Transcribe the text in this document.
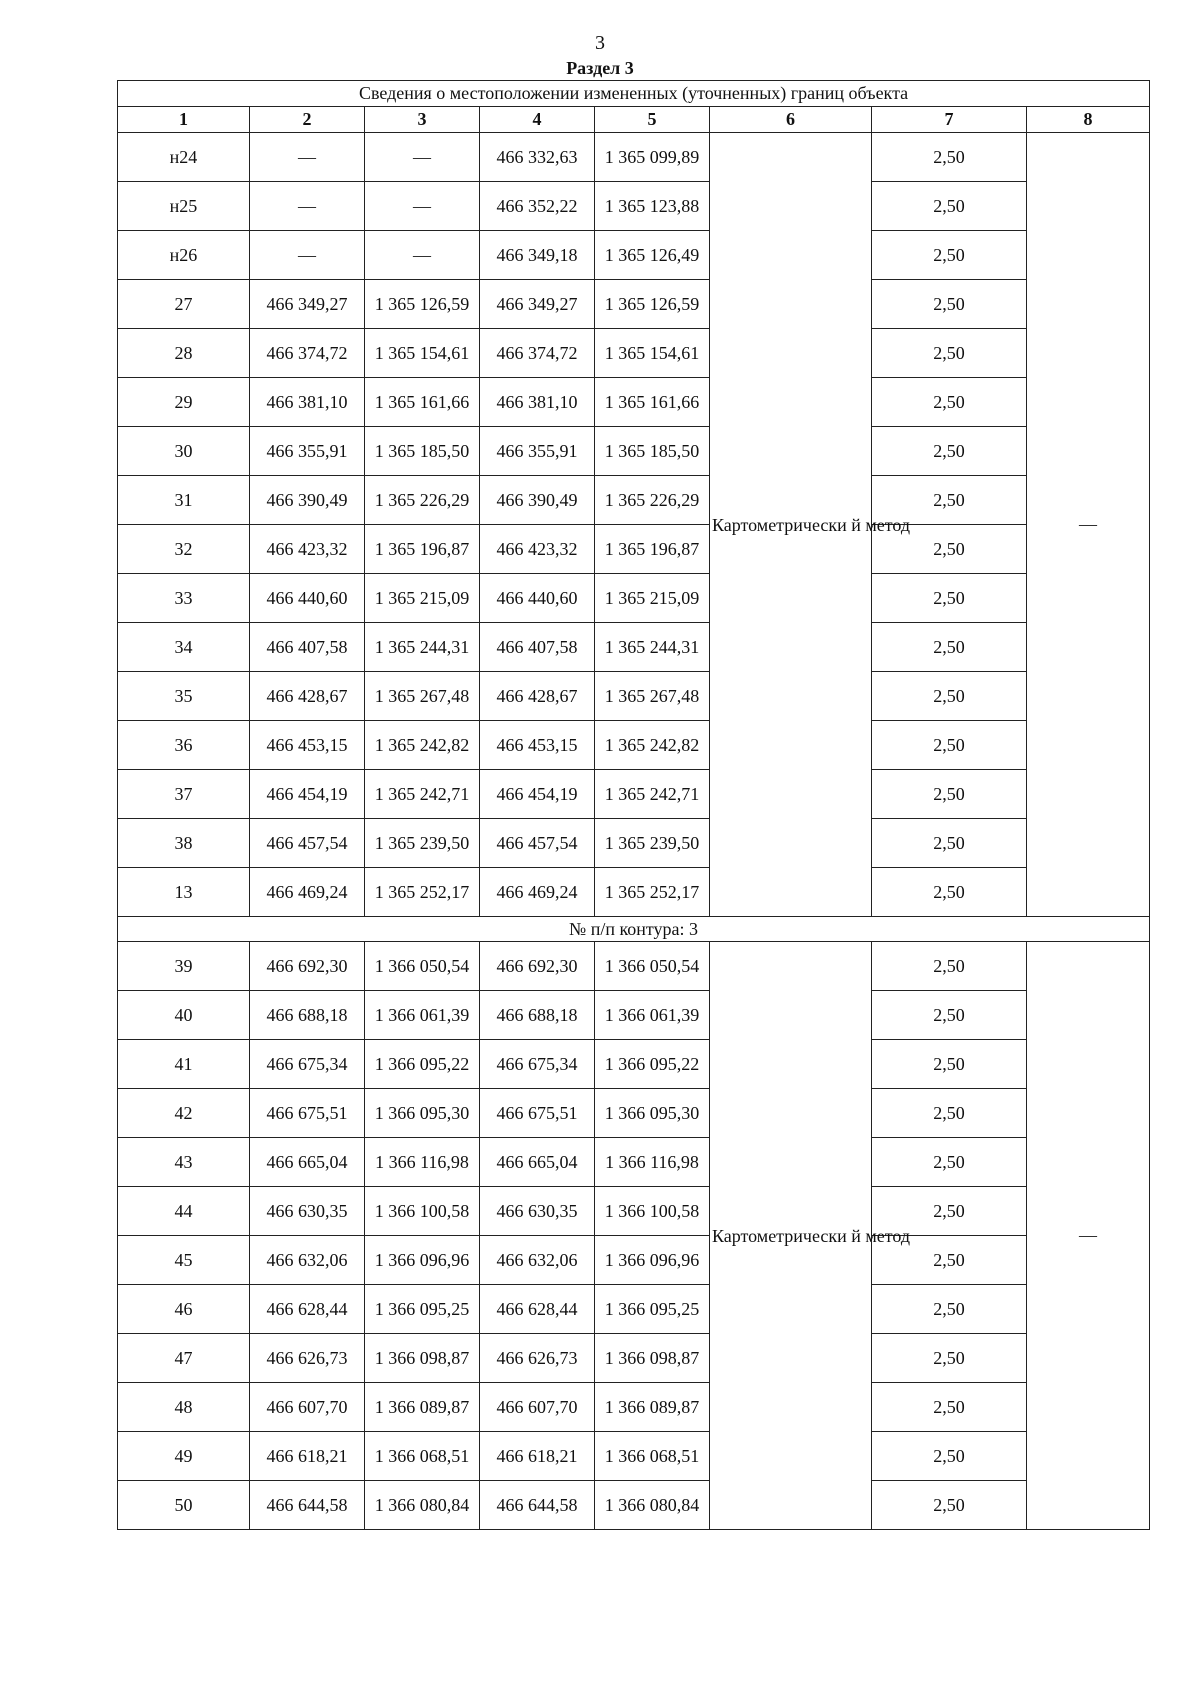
3
Раздел 3
Сведения о местоположении измененных (уточненных) границ объекта							
1	2	3	4	5	6	7	8
н24	—	—	466 332,63	1 365 099,89	Картометрически й метод	2,50	—
н25	—	—	466 352,22	1 365 123,88		2,50	
н26	—	—	466 349,18	1 365 126,49		2,50	
27	466 349,27	1 365 126,59	466 349,27	1 365 126,59		2,50	
28	466 374,72	1 365 154,61	466 374,72	1 365 154,61		2,50	
29	466 381,10	1 365 161,66	466 381,10	1 365 161,66		2,50	
30	466 355,91	1 365 185,50	466 355,91	1 365 185,50		2,50	
31	466 390,49	1 365 226,29	466 390,49	1 365 226,29		2,50	
32	466 423,32	1 365 196,87	466 423,32	1 365 196,87		2,50	
33	466 440,60	1 365 215,09	466 440,60	1 365 215,09		2,50	
34	466 407,58	1 365 244,31	466 407,58	1 365 244,31		2,50	
35	466 428,67	1 365 267,48	466 428,67	1 365 267,48		2,50	
36	466 453,15	1 365 242,82	466 453,15	1 365 242,82		2,50	
37	466 454,19	1 365 242,71	466 454,19	1 365 242,71		2,50	
38	466 457,54	1 365 239,50	466 457,54	1 365 239,50		2,50	
13	466 469,24	1 365 252,17	466 469,24	1 365 252,17		2,50	
№ п/п контура: 3							
39	466 692,30	1 366 050,54	466 692,30	1 366 050,54	Картометрически й метод	2,50	—
40	466 688,18	1 366 061,39	466 688,18	1 366 061,39		2,50	
41	466 675,34	1 366 095,22	466 675,34	1 366 095,22		2,50	
42	466 675,51	1 366 095,30	466 675,51	1 366 095,30		2,50	
43	466 665,04	1 366 116,98	466 665,04	1 366 116,98		2,50	
44	466 630,35	1 366 100,58	466 630,35	1 366 100,58		2,50	
45	466 632,06	1 366 096,96	466 632,06	1 366 096,96		2,50	
46	466 628,44	1 366 095,25	466 628,44	1 366 095,25		2,50	
47	466 626,73	1 366 098,87	466 626,73	1 366 098,87		2,50	
48	466 607,70	1 366 089,87	466 607,70	1 366 089,87		2,50	
49	466 618,21	1 366 068,51	466 618,21	1 366 068,51		2,50	
50	466 644,58	1 366 080,84	466 644,58	1 366 080,84		2,50	
